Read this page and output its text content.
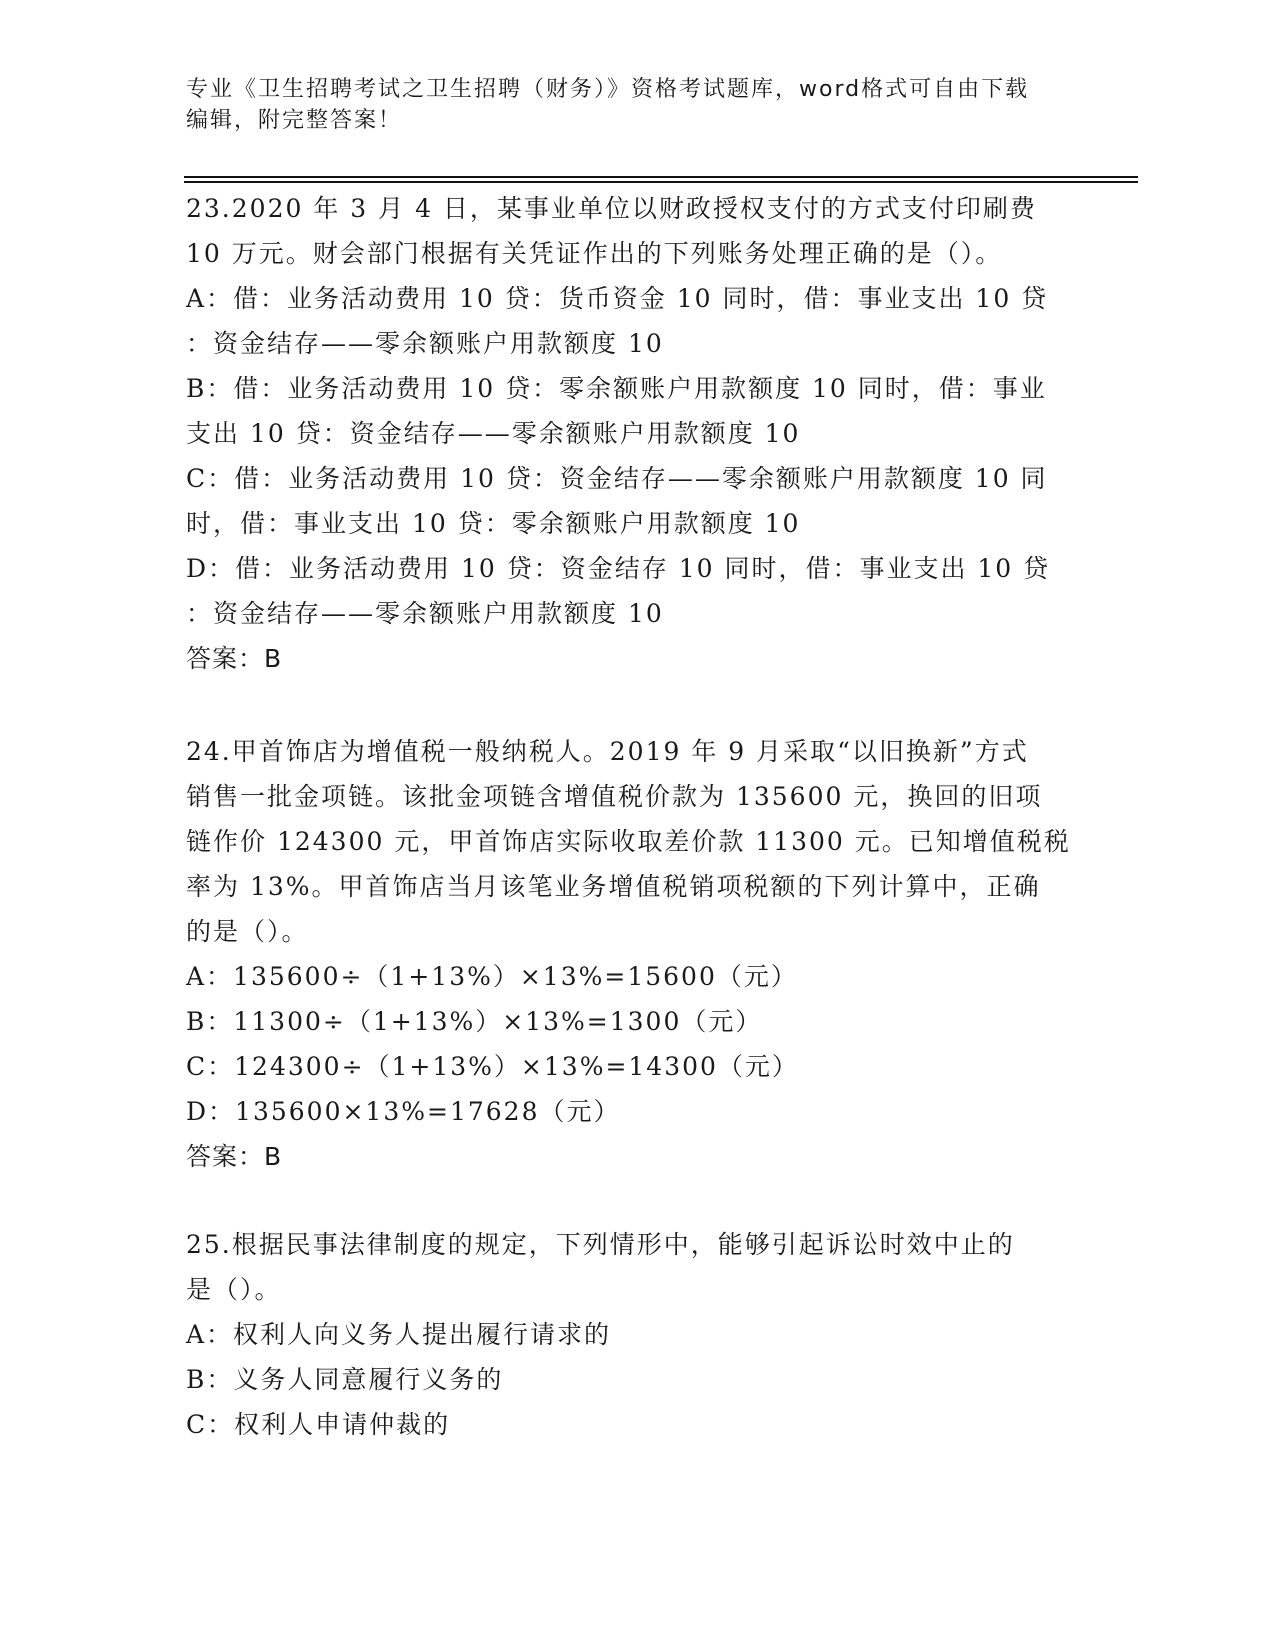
专业《卫生招聘考试之卫生招聘（财务）》资格考试题库，word格式可自由下载
编辑，附完整答案！
23.2020 年 3 月 4 日，某事业单位以财政授权支付的方式支付印刷费
10 万元。财会部门根据有关凭证作出的下列账务处理正确的是（）。
A：借：业务活动费用 10 贷：货币资金 10 同时，借：事业支出 10 贷
：资金结存——零余额账户用款额度 10
B：借：业务活动费用 10 贷：零余额账户用款额度 10 同时，借：事业
支出 10 贷：资金结存——零余额账户用款额度 10
C：借：业务活动费用 10 贷：资金结存——零余额账户用款额度 10 同
时，借：事业支出 10 贷：零余额账户用款额度 10
D：借：业务活动费用 10 贷：资金结存 10 同时，借：事业支出 10 贷
：资金结存——零余额账户用款额度 10
答案：B
24.甲首饰店为增值税一般纳税人。2019 年 9 月采取“以旧换新”方式
销售一批金项链。该批金项链含增值税价款为 135600 元，换回的旧项
链作价 124300 元，甲首饰店实际收取差价款 11300 元。已知增值税税
率为 13%。甲首饰店当月该笔业务增值税销项税额的下列计算中，正确
的是（）。
A：135600÷（1+13%）×13%=15600（元）
B：11300÷（1+13%）×13%=1300（元）
C：124300÷（1+13%）×13%=14300（元）
D：135600×13%=17628（元）
答案：B
25.根据民事法律制度的规定，下列情形中，能够引起诉讼时效中止的
是（）。
A：权利人向义务人提出履行请求的
B：义务人同意履行义务的
C：权利人申请仲裁的
